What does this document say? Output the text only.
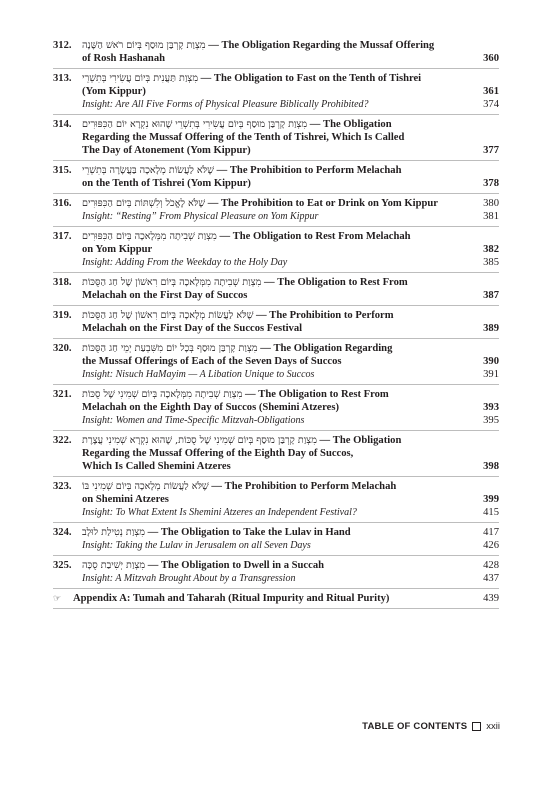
312. מִצְוַת קָרְבַּן מוּסַף בְּיוֹם רֹאשׁ הַשָּׁנָה — The Obligation Regarding the Mussaf Offering
of Rosh Hashanah	360
313. מִצְוַת תַּעֲנִית בְּיוֹם עֲשִׂירִי בְּתִשְׁרֵי — The Obligation to Fast on the Tenth of Tishrei
(Yom Kippur)	361
Insight: Are All Five Forms of Physical Pleasure Biblically Prohibited?	374
314. מִצְוַת קָרְבַּן מוּסַף בְּיוֹם עֲשִׂירִי בְּתִשְׁרֵי שֶׁהוּא נִקְרָא יוֹם הַכִּפּוּרִים — The Obligation
Regarding the Mussaf Offering of the Tenth of Tishrei, Which Is Called
The Day of Atonement (Yom Kippur)	377
315. שֶׁלֹּא לַעֲשׂוֹת מְלָאכָה בַּעֲשָׂרָה בְּתִשְׁרֵי — The Prohibition to Perform Melachah
on the Tenth of Tishrei (Yom Kippur)	378
316. שֶׁלֹּא לֶאֱכֹל וְלִשְׁתּוֹת בְּיוֹם הַכִּפּוּרִים — The Prohibition to Eat or Drink on Yom Kippur	380
Insight: “Resting” From Physical Pleasure on Yom Kippur	381
317. מִצְוַת שְׁבִיתָה מִמְּלָאכָה בְּיוֹם הַכִּפּוּרִים — The Obligation to Rest From Melachah
on Yom Kippur	382
Insight: Adding From the Weekday to the Holy Day	385
318. מִצְוַת שְׁבִיתָה מִמְּלָאכָה בְּיוֹם רִאשׁוֹן שֶׁל חַג הַסֻּכּוֹת — The Obligation to Rest From
Melachah on the First Day of Succos	387
319. שֶׁלֹּא לַעֲשׂוֹת מְלָאכָה בְּיוֹם רִאשׁוֹן שֶׁל חַג הַסֻּכּוֹת — The Prohibition to Perform
Melachah on the First Day of the Succos Festival	389
320. מִצְוַת קָרְבַּן מוּסַף בְּכָל יוֹם מִשִּׁבְעַת יְמֵי חַג הַסֻּכּוֹת — The Obligation Regarding
the Mussaf Offerings of Each of the Seven Days of Succos	390
Insight: Nisuch HaMayim — A Libation Unique to Succos	391
321. מִצְוַת שְׁבִיתָה מִמְּלָאכָה בְּיוֹם שְׁמִינִי שֶׁל סֻכּוֹת — The Obligation to Rest From
Melachah on the Eighth Day of Succos (Shemini Atzeres)	393
Insight: Women and Time-Specific Mitzvah-Obligations	395
322. מִצְוַת קָרְבַּן מוּסַף בְּיוֹם שְׁמִינִי שֶׁל סֻכּוֹת, שֶׁהוּא נִקְרָא שְׁמִינִי עֲצֶרֶת — The Obligation
Regarding the Mussaf Offering of the Eighth Day of Succos,
Which Is Called Shemini Atzeres	398
323. שֶׁלֹּא לַעֲשׂוֹת מְלָאכָה בְּיוֹם שְׁמִינִי בּוֹ — The Prohibition to Perform Melachah
on Shemini Atzeres	399
Insight: To What Extent Is Shemini Atzeres an Independent Festival?	415
324. מִצְוַת נְטִילַת לוּלָב — The Obligation to Take the Lulav in Hand	417
Insight: Taking the Lulav in Jerusalem on all Seven Days	426
325. מִצְוַת יְשִׁיבַת סֻכָּה — The Obligation to Dwell in a Succah	428
Insight: A Mitzvah Brought About by a Transgression	437
☞ Appendix A: Tumah and Taharah (Ritual Impurity and Ritual Purity)	439
TABLE OF CONTENTS xxii
